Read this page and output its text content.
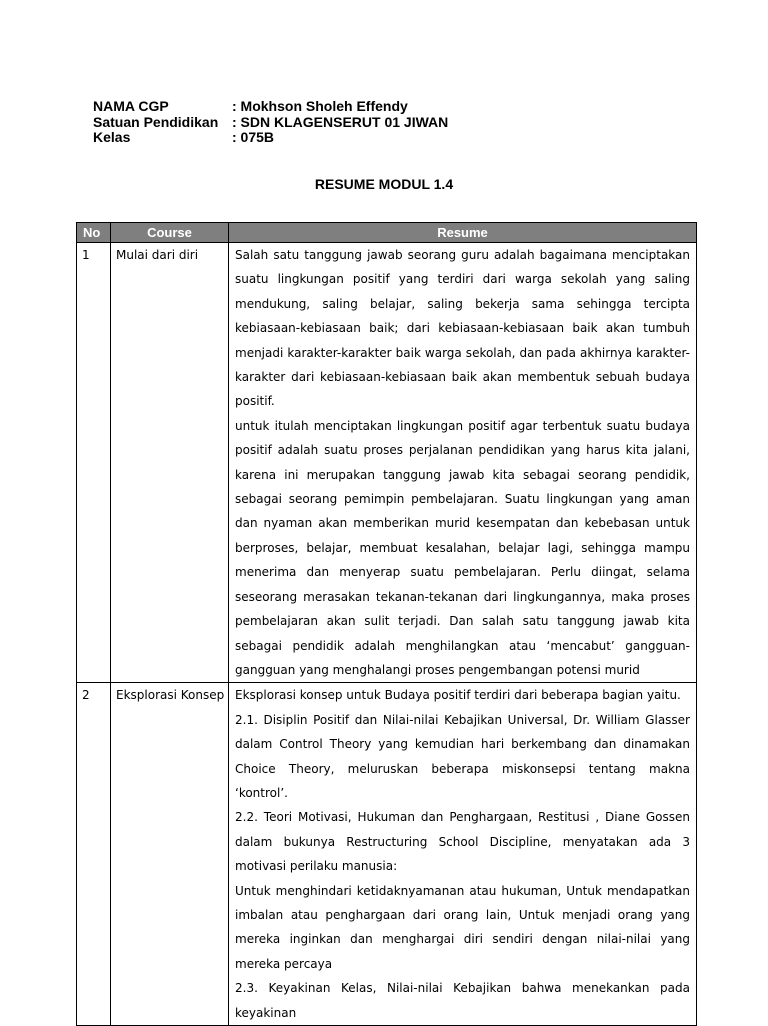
NAMA CGP	: Mokhson Sholeh Effendy
Satuan Pendidikan : SDN KLAGENSERUT 01 JIWAN
Kelas	: 075B
RESUME MODUL 1.4
No	Course	Resume
1	Mulai dari diri	Salah satu tanggung jawab seorang guru adalah bagaimana menciptakan suatu lingkungan positif yang terdiri dari warga sekolah yang saling mendukung, saling belajar, saling bekerja sama sehingga tercipta kebiasaan-kebiasaan baik; dari kebiasaan-kebiasaan baik akan tumbuh menjadi karakter-karakter baik warga sekolah, dan pada akhirnya karakter-karakter dari kebiasaan-kebiasaan baik akan membentuk sebuah budaya positif.

untuk itulah menciptakan lingkungan positif agar terbentuk suatu budaya positif adalah suatu proses perjalanan pendidikan yang harus kita jalani, karena ini merupakan tanggung jawab kita sebagai seorang pendidik, sebagai seorang pemimpin pembelajaran. Suatu lingkungan yang aman dan nyaman akan memberikan murid kesempatan dan kebebasan untuk berproses, belajar, membuat kesalahan, belajar lagi, sehingga mampu menerima dan menyerap suatu pembelajaran. Perlu diingat, selama seseorang merasakan tekanan-tekanan dari lingkungannya, maka proses pembelajaran akan sulit terjadi. Dan salah satu tanggung jawab kita sebagai pendidik adalah menghilangkan atau ‘mencabut’ gangguan-gangguan yang menghalangi proses pengembangan potensi murid

2	Eksplorasi Konsep	Eksplorasi konsep untuk Budaya positif terdiri dari beberapa bagian yaitu.

2.1. Disiplin Positif dan Nilai-nilai Kebajikan Universal, Dr. William Glasser dalam Control Theory yang kemudian hari berkembang dan dinamakan Choice Theory, meluruskan beberapa miskonsepsi tentang makna ‘kontrol’.

2.2. Teori Motivasi, Hukuman dan Penghargaan, Restitusi , Diane Gossen dalam bukunya Restructuring School Discipline, menyatakan ada 3 motivasi perilaku manusia:

Untuk menghindari ketidaknyamanan atau hukuman, Untuk mendapatkan imbalan atau penghargaan dari orang lain, Untuk menjadi orang yang mereka inginkan dan menghargai diri sendiri dengan nilai-nilai yang mereka percaya

2.3. Keyakinan Kelas, Nilai-nilai Kebajikan bahwa menekankan pada keyakinan
